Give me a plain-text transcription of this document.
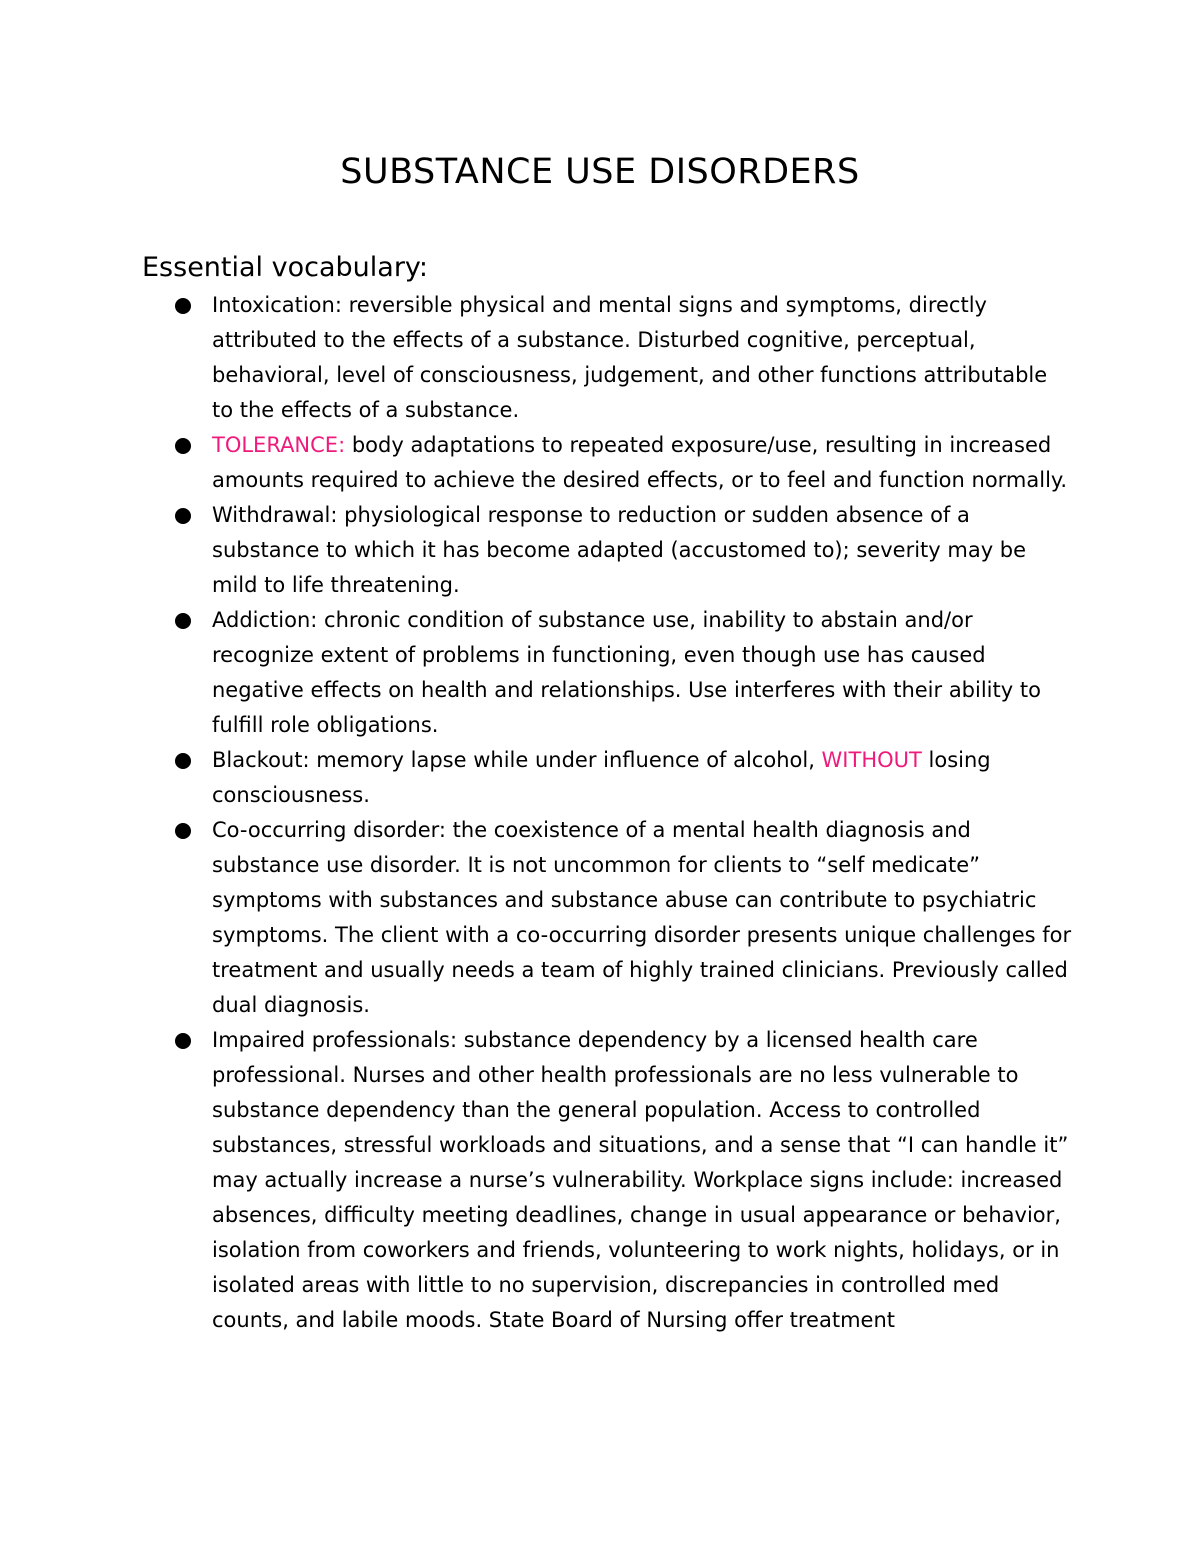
SUBSTANCE USE DISORDERS
Essential vocabulary:
Intoxication: reversible physical and mental signs and symptoms, directly attributed to the effects of a substance. Disturbed cognitive, perceptual, behavioral, level of consciousness, judgement, and other functions attributable to the effects of a substance.
TOLERANCE: body adaptations to repeated exposure/use, resulting in increased amounts required to achieve the desired effects, or to feel and function normally.
Withdrawal: physiological response to reduction or sudden absence of a substance to which it has become adapted (accustomed to); severity may be mild to life threatening.
Addiction: chronic condition of substance use, inability to abstain and/or recognize extent of problems in functioning, even though use has caused negative effects on health and relationships. Use interferes with their ability to fulfill role obligations.
Blackout: memory lapse while under influence of alcohol, WITHOUT losing consciousness.
Co-occurring disorder: the coexistence of a mental health diagnosis and substance use disorder. It is not uncommon for clients to “self medicate” symptoms with substances and substance abuse can contribute to psychiatric symptoms. The client with a co-occurring disorder presents unique challenges for treatment and usually needs a team of highly trained clinicians. Previously called dual diagnosis.
Impaired professionals: substance dependency by a licensed health care professional. Nurses and other health professionals are no less vulnerable to substance dependency than the general population. Access to controlled substances, stressful workloads and situations, and a sense that “I can handle it” may actually increase a nurse’s vulnerability. Workplace signs include: increased absences, difficulty meeting deadlines, change in usual appearance or behavior, isolation from coworkers and friends, volunteering to work nights, holidays, or in isolated areas with little to no supervision, discrepancies in controlled med counts, and labile moods. State Board of Nursing offer treatment
